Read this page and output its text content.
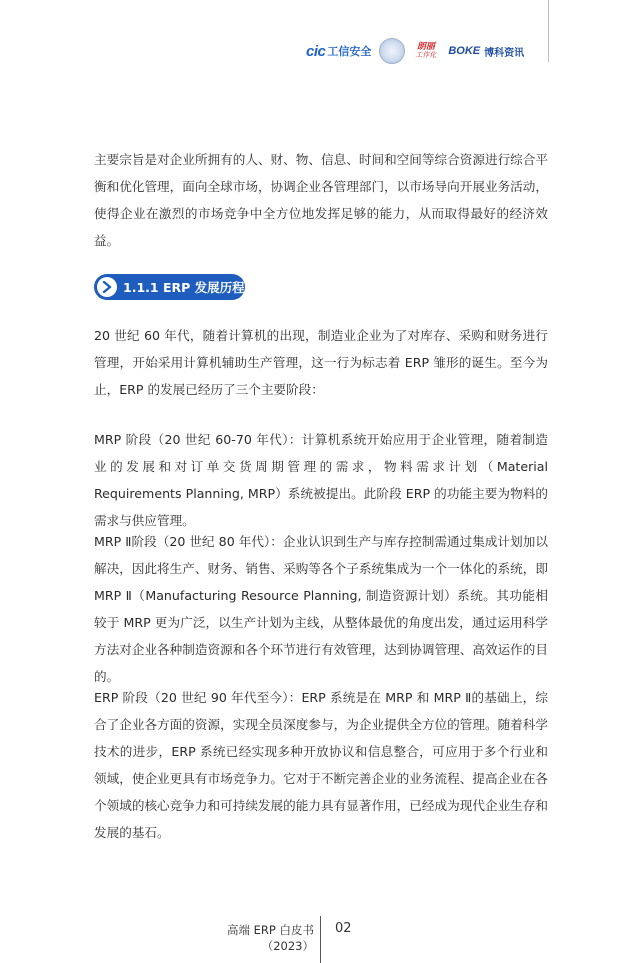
cic 工信安全	朗丽
工作化 BOKE 博科资讯

主要宗旨是对企业所拥有的人、财、物、信息、时间和空间等综合资源进行综合平衡和优化管理，面向全球市场，协调企业各管理部门，以市场导向开展业务活动，使得企业在激烈的市场竞争中全方位地发挥足够的能力，从而取得最好的经济效益。

1.1.1 ERP 发展历程

20 世纪 60 年代，随着计算机的出现，制造业企业为了对库存、采购和财务进行管理，开始采用计算机辅助生产管理，这一行为标志着 ERP 雏形的诞生。至今为止，ERP 的发展已经历了三个主要阶段：

MRP 阶段（20 世纪 60-70 年代）：计算机系统开始应用于企业管理，随着制造业的发展和对订单交货周期管理的需求，物料需求计划（Material Requirements Planning, MRP）系统被提出。此阶段 ERP 的功能主要为物料的需求与供应管理。

MRP Ⅱ阶段（20 世纪 80 年代）：企业认识到生产与库存控制需通过集成计划加以解决，因此将生产、财务、销售、采购等各个子系统集成为一个一体化的系统，即 MRP Ⅱ（Manufacturing Resource Planning, 制造资源计划）系统。其功能相较于 MRP 更为广泛，以生产计划为主线，从整体最优的角度出发，通过运用科学方法对企业各种制造资源和各个环节进行有效管理，达到协调管理、高效运作的目的。

ERP 阶段（20 世纪 90 年代至今）：ERP 系统是在 MRP 和 MRP Ⅱ的基础上，综合了企业各方面的资源，实现全员深度参与，为企业提供全方位的管理。随着科学技术的进步，ERP 系统已经实现多种开放协议和信息整合，可应用于多个行业和领域，使企业更具有市场竞争力。它对于不断完善企业的业务流程、提高企业在各个领域的核心竞争力和可持续发展的能力具有显著作用，已经成为现代企业生存和发展的基石。

高端 ERP 白皮书（2023）
02
